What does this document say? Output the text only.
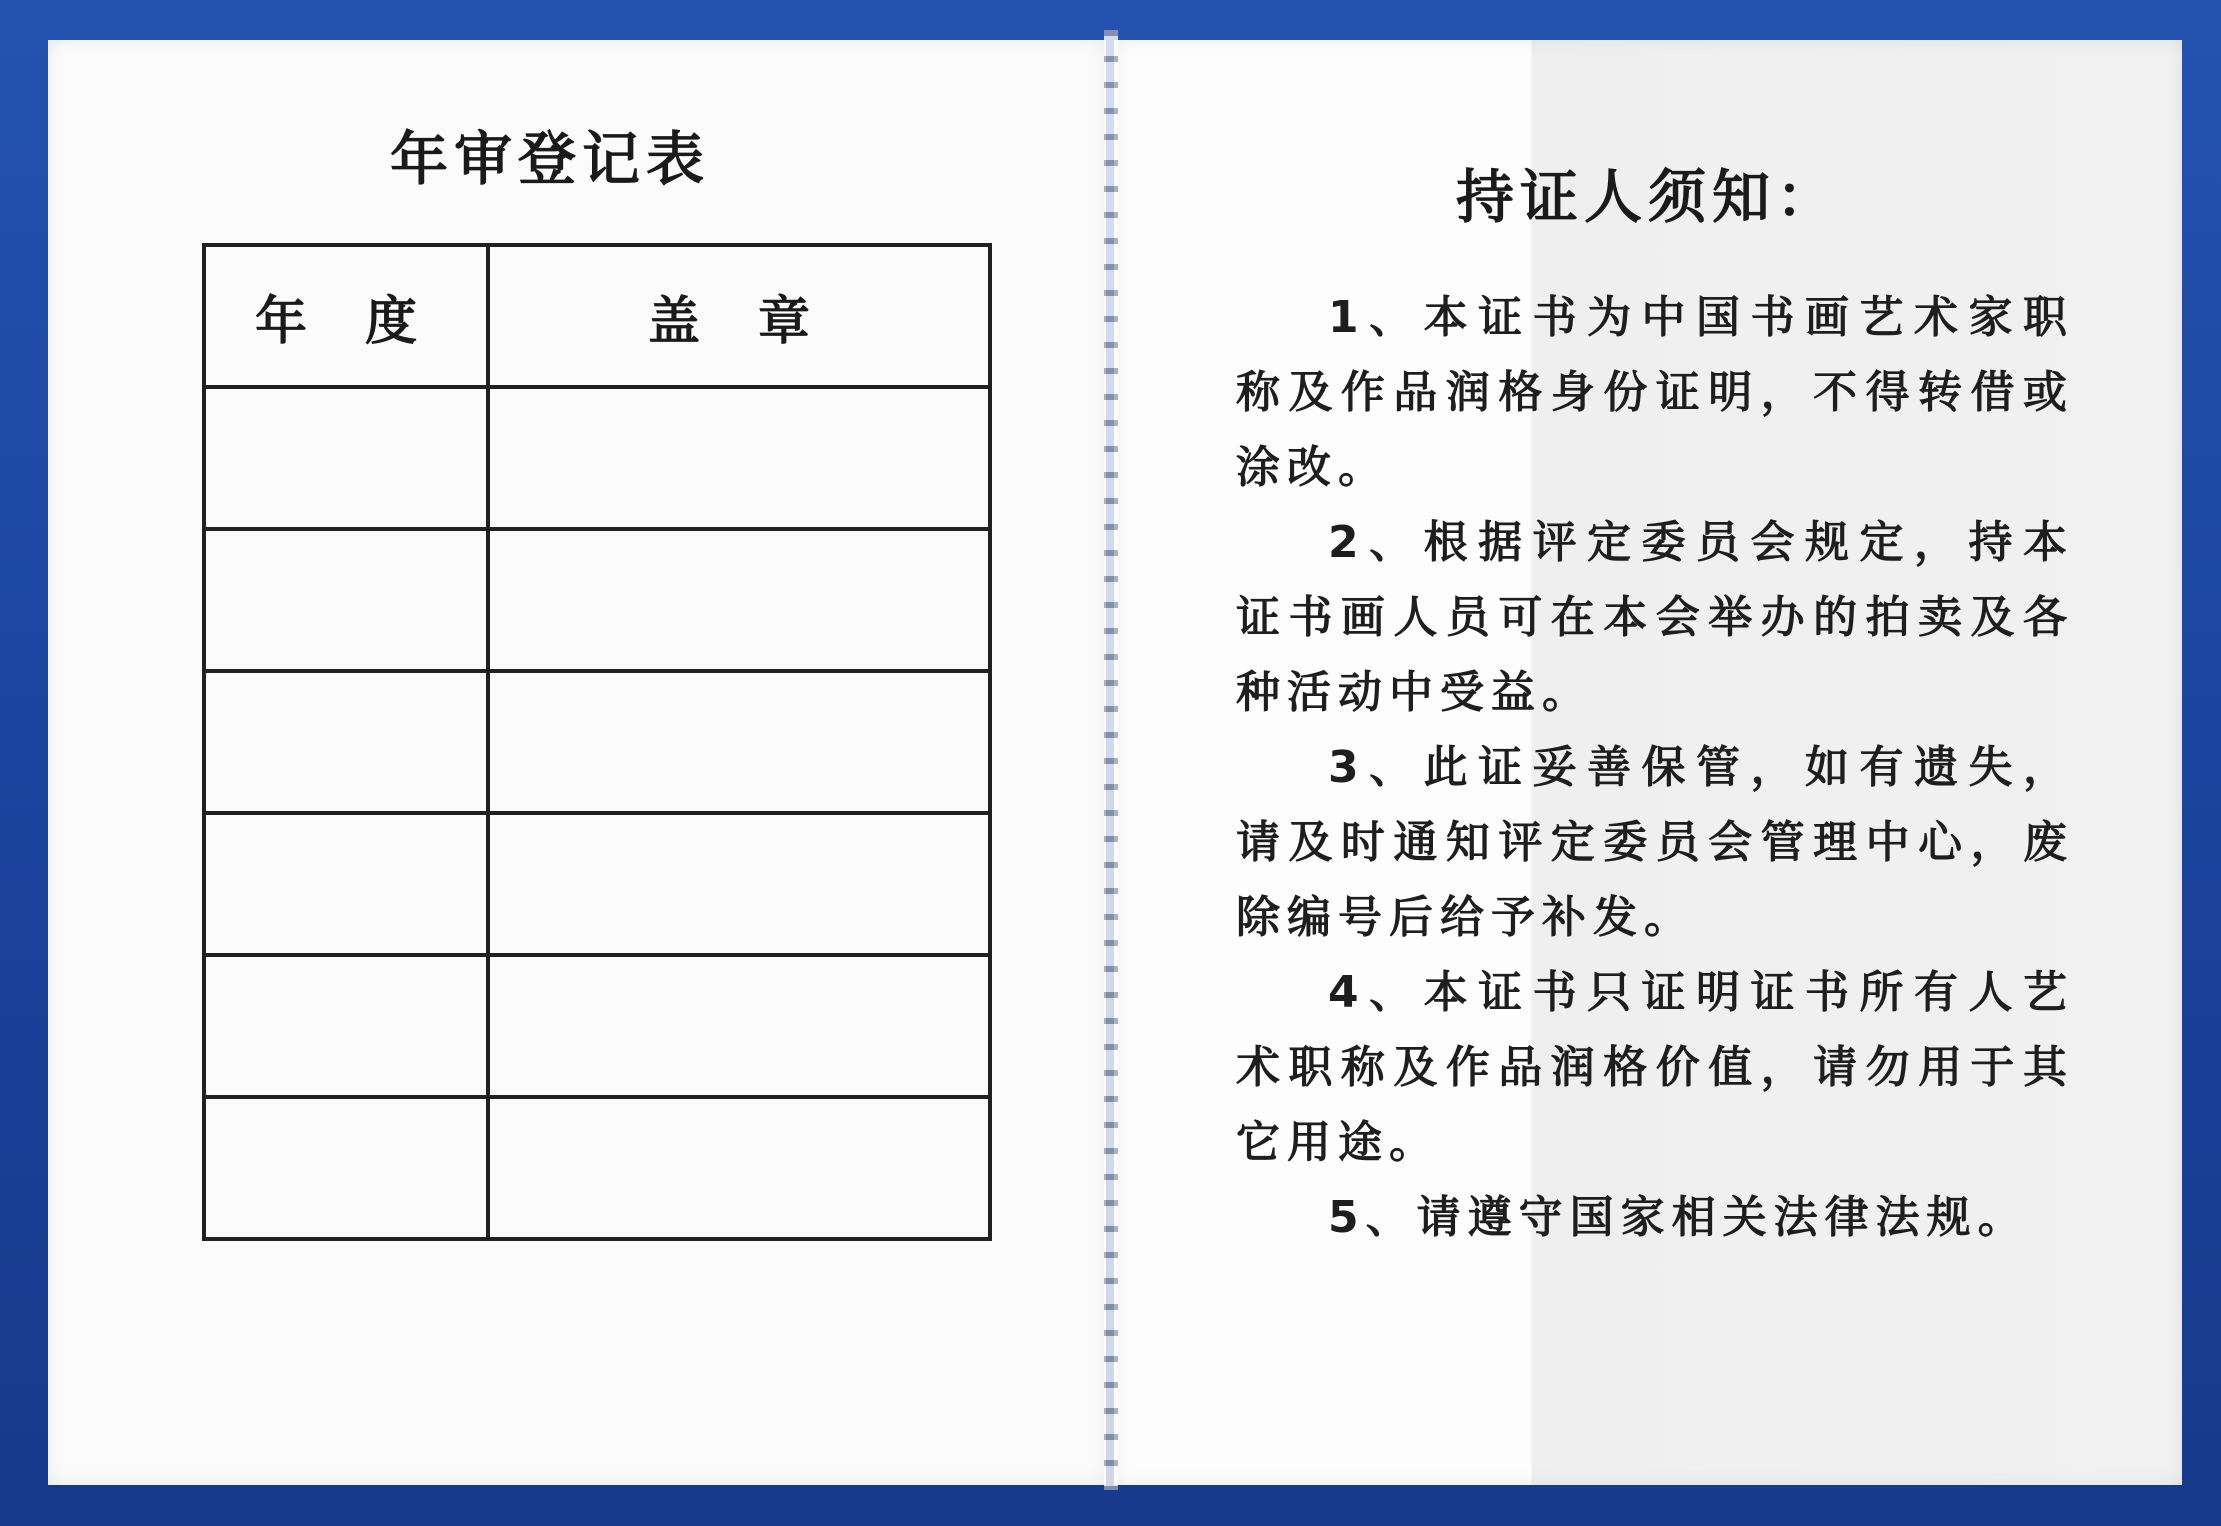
年审登记表
年 度	盖 章

持证人须知：

1、本证书为中国书画艺术家职称及作品润格身份证明，不得转借或涂改。

2、根据评定委员会规定，持本证书画人员可在本会举办的拍卖及各种活动中受益。

3、此证妥善保管，如有遗失，请及时通知评定委员会管理中心，废除编号后给予补发。

4、本证书只证明证书所有人艺术职称及作品润格价值，请勿用于其它用途。

5、请遵守国家相关法律法规。
